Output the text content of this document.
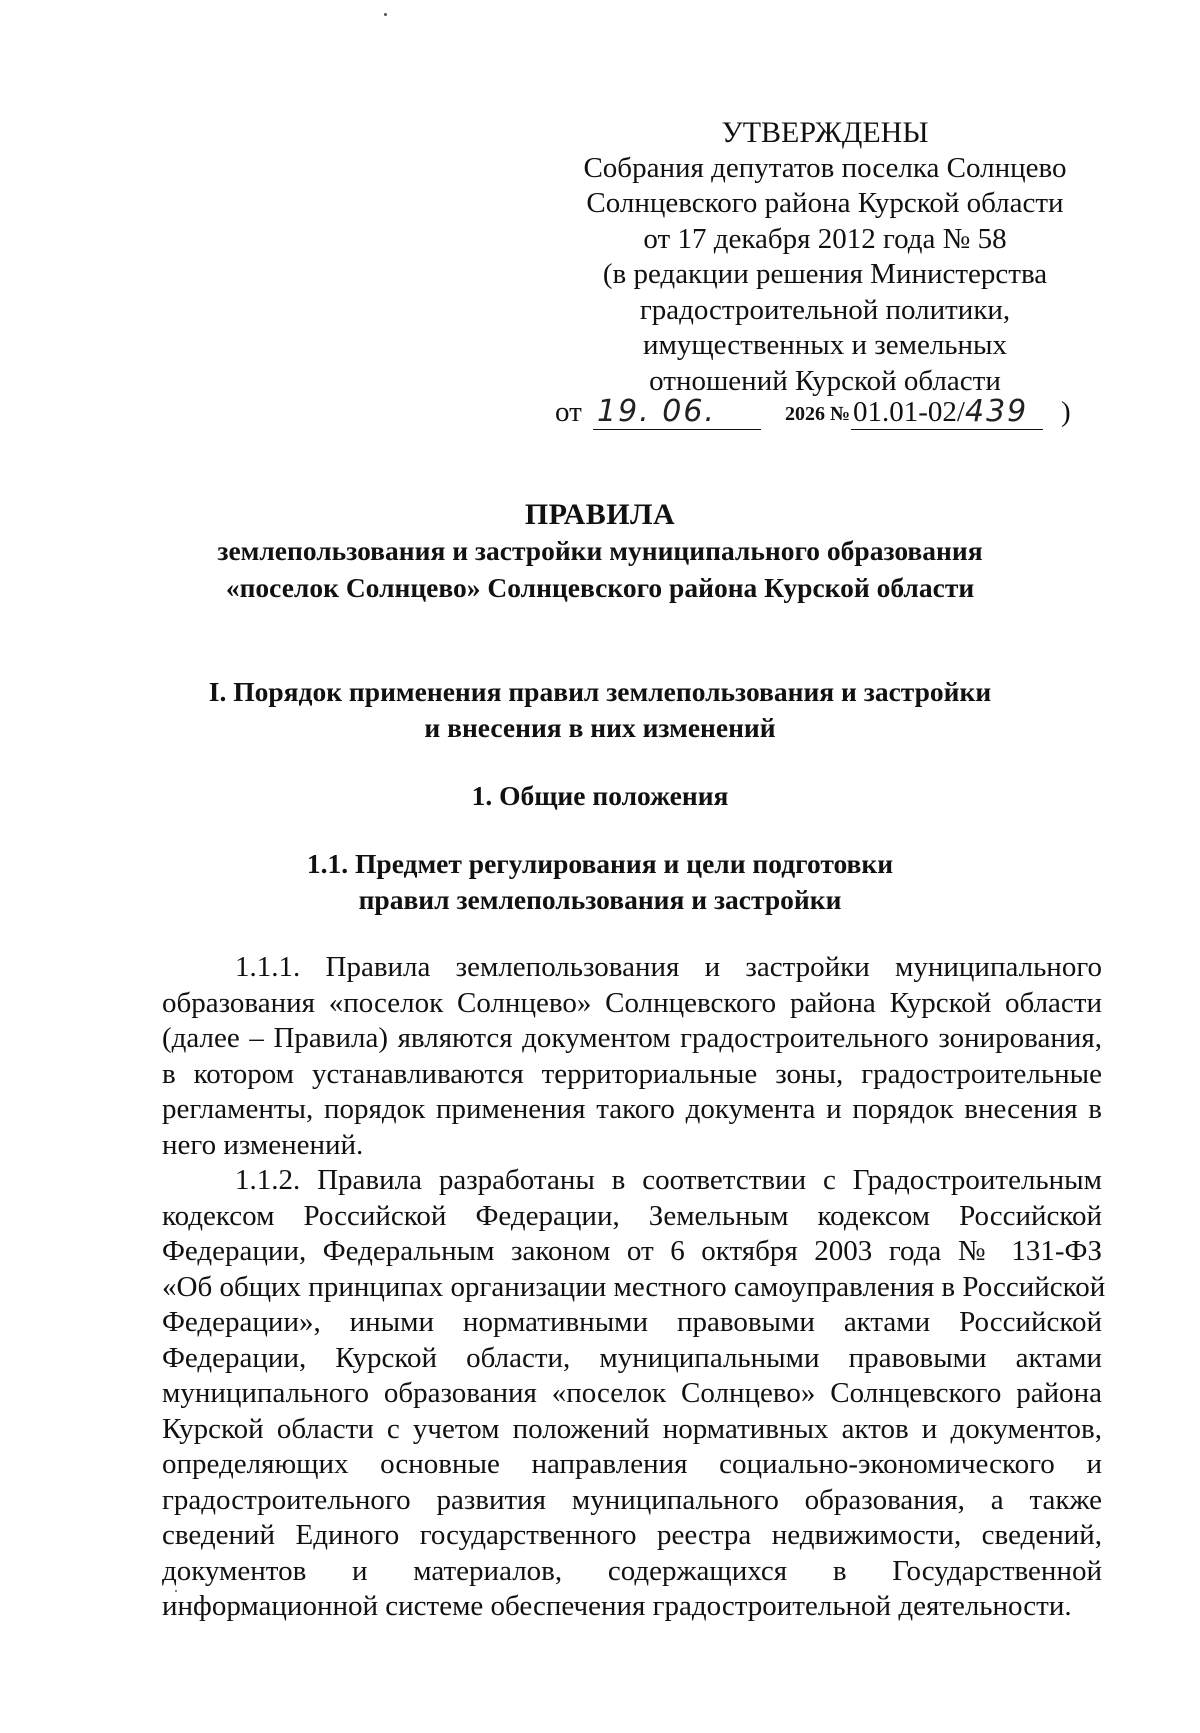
УТВЕРЖДЕНЫ
Собрания депутатов поселка Солнцево
Солнцевского района Курской области
от 17 декабря 2012 года № 58
(в редакции решения Министерства
градостроительной политики,
имущественных и земельных
отношений Курской области
от 19. 06.	2026 № 01.01-02/ 439 )
ПРАВИЛА
землепользования и застройки муниципального образования
«поселок Солнцево» Солнцевского района Курской области
I. Порядок применения правил землепользования и застройки
и внесения в них изменений
1. Общие положения
1.1. Предмет регулирования и цели подготовки
правил землепользования и застройки
1.1.1. Правила землепользования и застройки муниципального
образования «поселок Солнцево» Солнцевского района Курской области
(далее – Правила) являются документом градостроительного зонирования,
в котором устанавливаются территориальные зоны, градостроительные
регламенты, порядок применения такого документа и порядок внесения в
него изменений.
1.1.2. Правила разработаны в соответствии с Градостроительным
кодексом Российской Федерации, Земельным кодексом Российской
Федерации, Федеральным законом от 6 октября 2003 года № 131-ФЗ
«Об общих принципах организации местного самоуправления в Российской
Федерации», иными нормативными правовыми актами Российской
Федерации, Курской области, муниципальными правовыми актами
муниципального образования «поселок Солнцево» Солнцевского района
Курской области с учетом положений нормативных актов и документов,
определяющих основные направления социально-экономического и
градостроительного развития муниципального образования, а также
сведений Единого государственного реестра недвижимости, сведений,
документов и материалов, содержащихся в Государственной
информационной системе обеспечения градостроительной деятельности.
